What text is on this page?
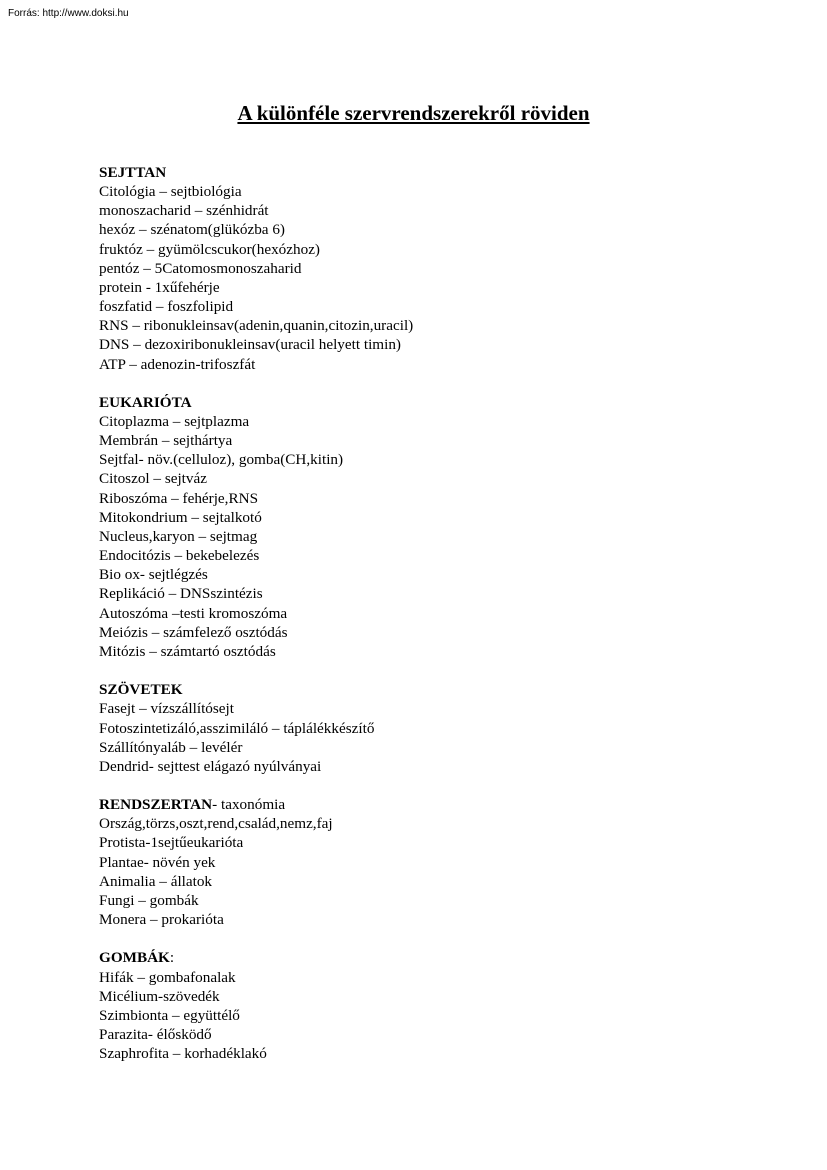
Forrás: http://www.doksi.hu
A különféle szervrendszerekről röviden
SEJTTAN
Citológia – sejtbiológia
monoszacharid – szénhidrát
hexóz – szénatom(glükózba 6)
fruktóz – gyümölcscukor(hexózhoz)
pentóz – 5Catomosmonoszaharid
protein - 1xűfehérje
foszfatid – foszfolipid
RNS – ribonukleinsav(adenin,quanin,citozin,uracil)
DNS – dezoxiribonukleinsav(uracil helyett timin)
ATP – adenozin-trifoszfát
EUKARIÓTA
Citoplazma – sejtplazma
Membrán – sejthártya
Sejtfal- növ.(celluloz), gomba(CH,kitin)
Citoszol – sejtváz
Riboszóma – fehérje,RNS
Mitokondrium – sejtalkotó
Nucleus,karyon – sejtmag
Endocitózis – bekebelezés
Bio ox- sejtlégzés
Replikáció – DNSszintézis
Autoszóma –testi kromoszóma
Meiózis – számfelező osztódás
Mitózis – számtartó osztódás
SZÖVETEK
Fasejt – vízszállítósejt
Fotoszintetizáló,asszimiláló – táplálékkészítő
Szállítónyaláb – levélér
Dendrid- sejttest elágazó nyúlványai
RENDSZERTAN- taxonómia
Ország,törzs,oszt,rend,család,nemz,faj
Protista-1sejtűeukarióta
Plantae- növén yek
Animalia – állatok
Fungi – gombák
Monera – prokarióta
GOMBÁK:
Hifák – gombafonalak
Micélium-szövedék
Szimbionta – együttélő
Parazita- élősködő
Szaphrofita – korhadéklakó
